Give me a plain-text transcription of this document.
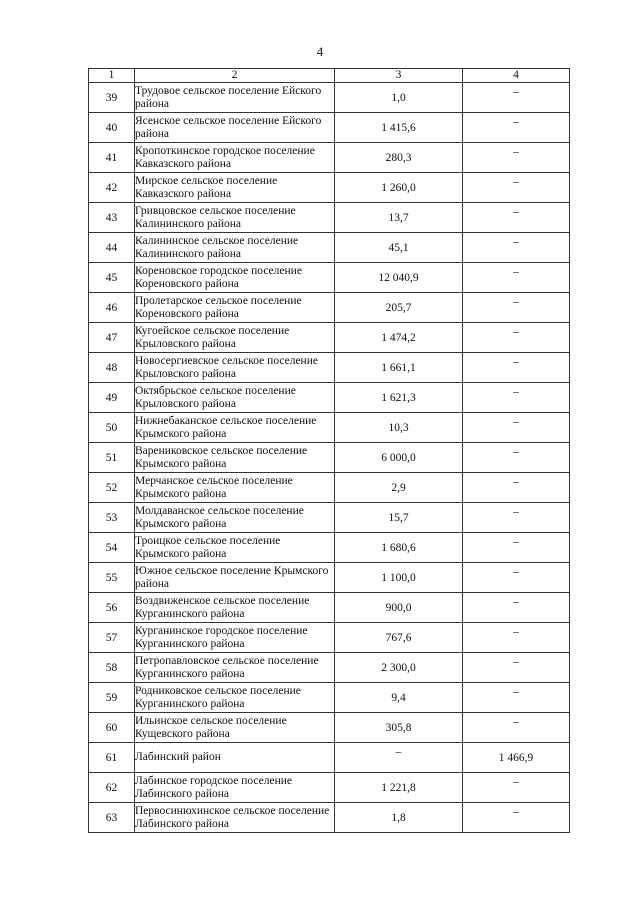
4
1	2	3	4
39	Трудовое сельское поселение Ейского района	1,0	–
40	Ясенское сельское поселение Ейского района	1 415,6	–
41	Кропоткинское городское поселение Кавказского района	280,3	–
42	Мирское сельское поселение Кавказского района	1 260,0	–
43	Гривцовское сельское поселение Калининского района	13,7	–
44	Калининское сельское поселение Калининского района	45,1	–
45	Кореновское городское поселение Кореновского района	12 040,9	–
46	Пролетарское сельское поселение Кореновского района	205,7	–
47	Кугоейское сельское поселение Крыловского района	1 474,2	–
48	Новосергиевское сельское поселение Крыловского района	1 661,1	–
49	Октябрьское сельское поселение Крыловского района	1 621,3	–
50	Нижнебаканское сельское поселение Крымского района	10,3	–
51	Варениковское сельское поселение Крымского района	6 000,0	–
52	Мерчанское сельское поселение Крымского района	2,9	–
53	Молдаванское сельское поселение Крымского района	15,7	–
54	Троицкое сельское поселение Крымского района	1 680,6	–
55	Южное сельское поселение Крымского района	1 100,0	–
56	Воздвиженское сельское поселение Курганинского района	900,0	–
57	Курганинское городское поселение Курганинского района	767,6	–
58	Петропавловское сельское поселение Курганинского района	2 300,0	–
59	Родниковское сельское поселение Курганинского района	9,4	–
60	Ильинское сельское поселение Кущевского района	305,8	–
61	Лабинский район	–	1 466,9
62	Лабинское городское поселение Лабинского района	1 221,8	–
63	Первосинюхинское сельское поселение Лабинского района	1,8	–
